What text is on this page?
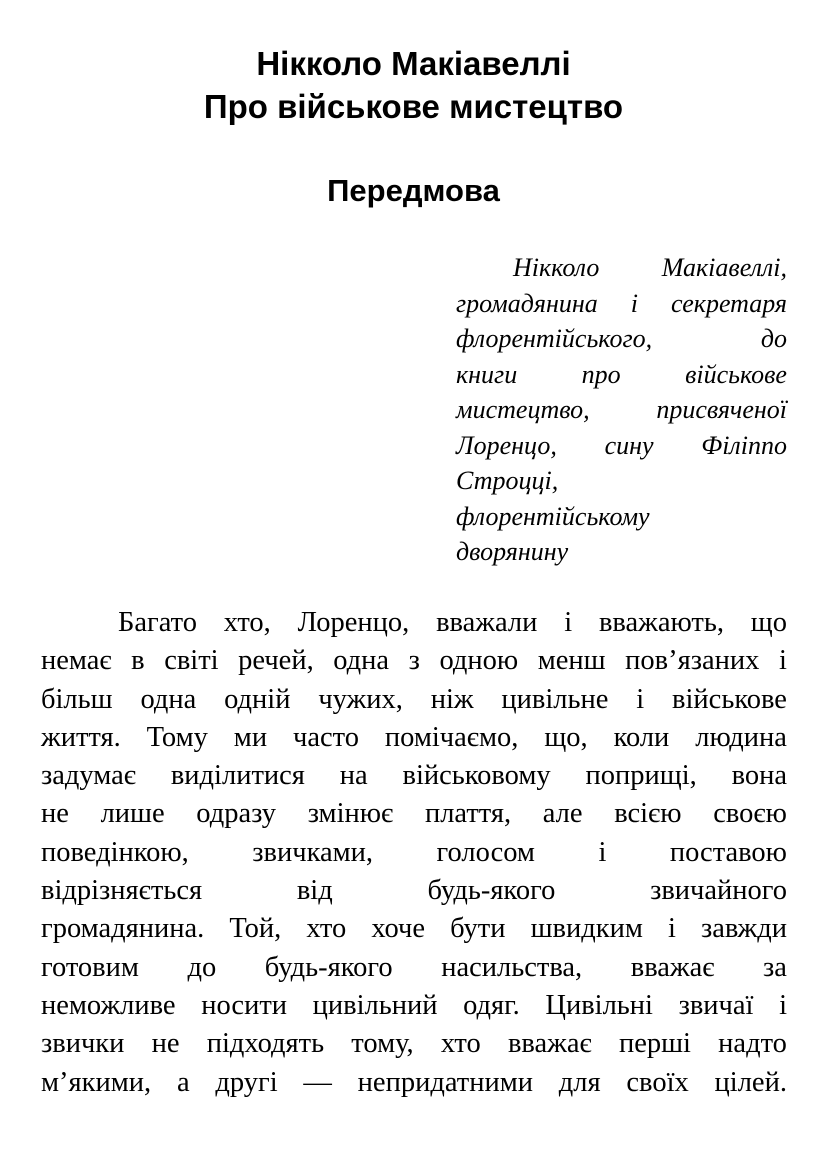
Нікколо Макіавеллі
Про військове мистецтво
Передмова
Нікколо Макіавеллі,
громадянина і секретаря
флорентійського,	до
книги про військове
мистецтво,	присвяченої
Лоренцо, сину Філіппо
Строцці,
флорентійському
дворянину
Багато хто, Лоренцо, вважали і вважають, що
немає в світі речей, одна з одною менш пов’язаних і
більш одна одній чужих, ніж цивільне і військове
життя. Тому ми часто помічаємо, що, коли людина
задумає виділитися на військовому поприщі, вона
не лише одразу змінює плаття, але всією своєю
поведінкою, звичками, голосом і поставою
відрізняється	від	будь-якого	звичайного
громадянина. Той, хто хоче бути швидким і завжди
готовим до будь-якого насильства, вважає за
неможливе носити цивільний одяг. Цивільні звичаї і
звички не підходять тому, хто вважає перші надто
м’якими, а другі — непридатними для своїх цілей.
